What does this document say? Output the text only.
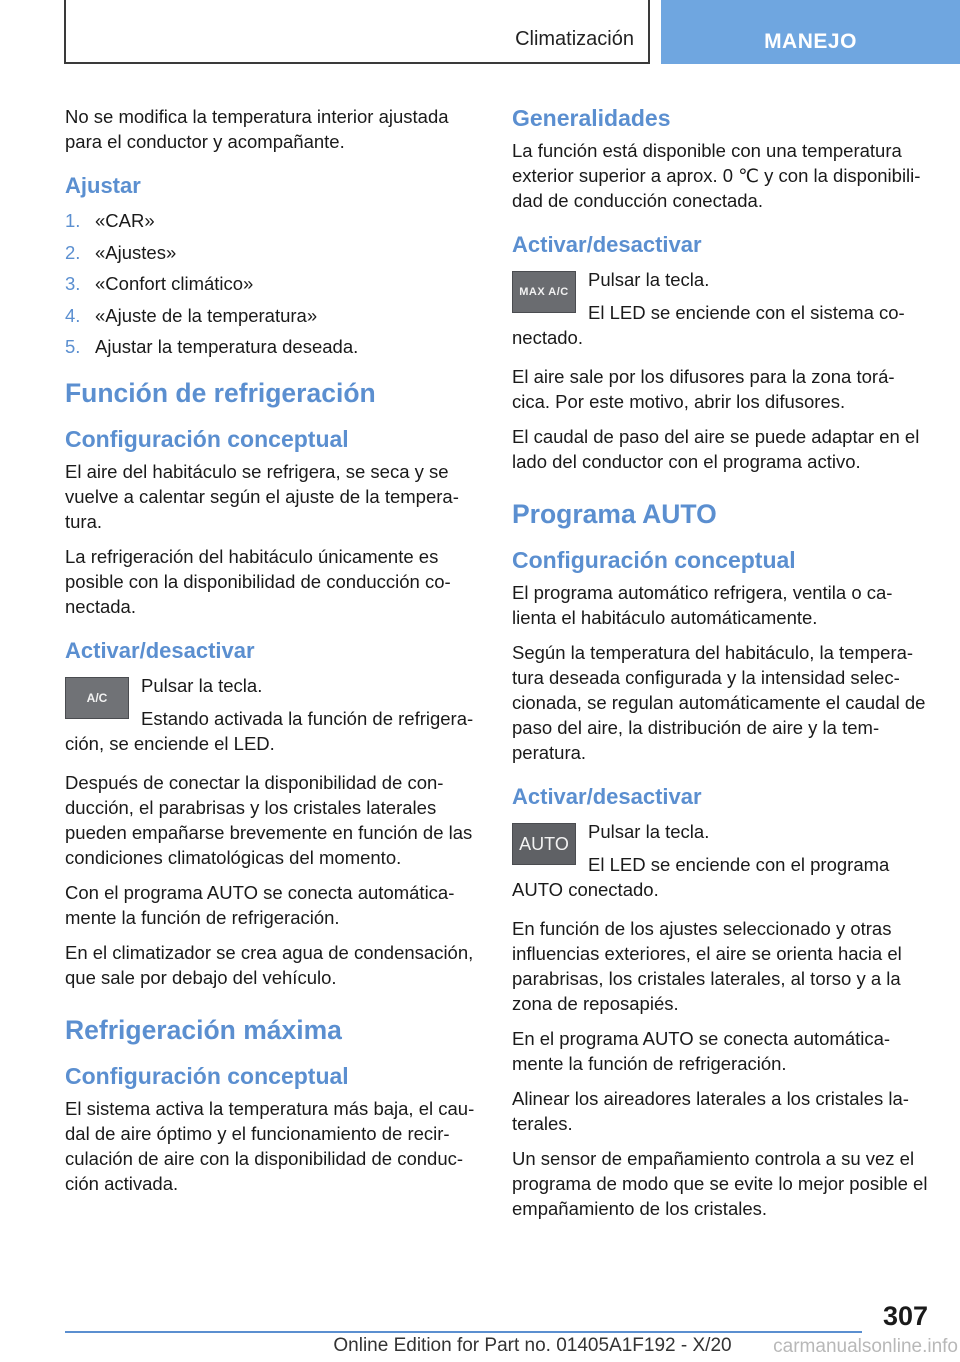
Climatización	MANEJO

No se modifica la temperatura interior ajustada para el conductor y acompañante.

Ajustar
1. «CAR»
2. «Ajustes»
3. «Confort climático»
4. «Ajuste de la temperatura»
5. Ajustar la temperatura deseada.
Función de refrigeración
Configuración conceptual

El aire del habitáculo se refrigera, se seca y se vuelve a calentar según el ajuste de la tempera‐ tura.

La refrigeración del habitáculo únicamente es posible con la disponibilidad de conducción co‐ nectada.

Activar/desactivar
A/C
Pulsar la tecla.
Estando activada la función de refrigera‐ ción, se enciende el LED.

Después de conectar la disponibilidad de con‐ ducción, el parabrisas y los cristales laterales pueden empañarse brevemente en función de las condiciones climatológicas del momento.

Con el programa AUTO se conecta automática‐ mente la función de refrigeración.

En el climatizador se crea agua de condensación, que sale por debajo del vehículo.

Refrigeración máxima
Configuración conceptual

El sistema activa la temperatura más baja, el cau‐ dal de aire óptimo y el funcionamiento de recir‐ culación de aire con la disponibilidad de conduc‐ ción activada.

Generalidades

La función está disponible con una temperatura exterior superior a aprox. 0 ℃ y con la disponibili‐ dad de conducción conectada.

Activar/desactivar
MAX A/C
Pulsar la tecla.
El LED se enciende con el sistema co‐ nectado.

El aire sale por los difusores para la zona torá‐ cica. Por este motivo, abrir los difusores.

El caudal de paso del aire se puede adaptar en el lado del conductor con el programa activo.

Programa AUTO
Configuración conceptual

El programa automático refrigera, ventila o ca‐ lienta el habitáculo automáticamente.

Según la temperatura del habitáculo, la tempera‐ tura deseada configurada y la intensidad selec‐ cionada, se regulan automáticamente el caudal de paso del aire, la distribución de aire y la tem‐ peratura.

Activar/desactivar
AUTO
Pulsar la tecla.
El LED se enciende con el programa AUTO conectado.

En función de los ajustes seleccionado y otras influencias exteriores, el aire se orienta hacia el parabrisas, los cristales laterales, al torso y a la zona de reposapiés.

En el programa AUTO se conecta automática‐ mente la función de refrigeración.

Alinear los aireadores laterales a los cristales la‐ terales.

Un sensor de empañamiento controla a su vez el programa de modo que se evite lo mejor posible el empañamiento de los cristales.

307
Online Edition for Part no. 01405A1F192 - X/20	carmanualsonline.info
